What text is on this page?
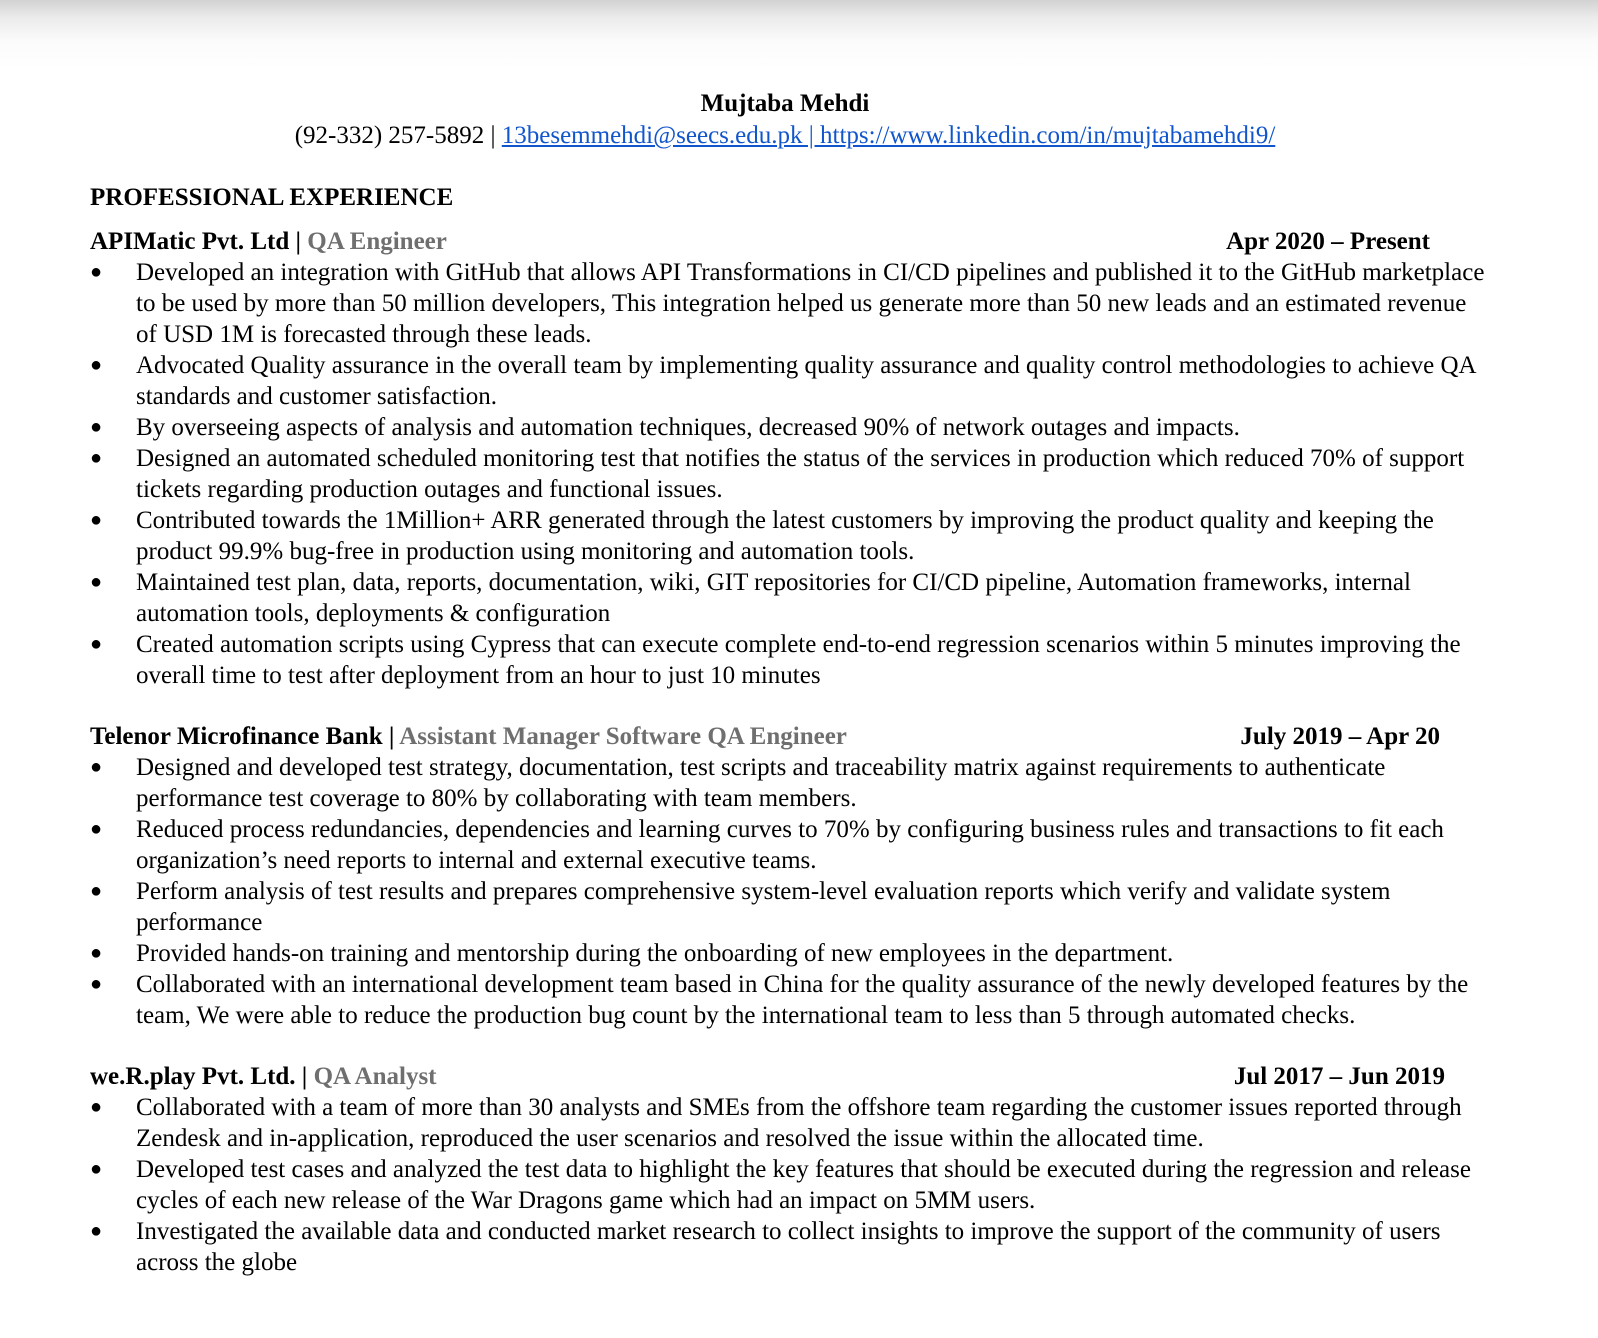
Mujtaba Mehdi
(92-332) 257-5892 | 13besemmehdi@seecs.edu.pk | https://www.linkedin.com/in/mujtabamehdi9/
PROFESSIONAL EXPERIENCE
APIMatic Pvt. Ltd | QA Engineer	Apr 2020 – Present
● Developed an integration with GitHub that allows API Transformations in CI/CD pipelines and published it to the GitHub marketplace to be used by more than 50 million developers, This integration helped us generate more than 50 new leads and an estimated revenue of USD 1M is forecasted through these leads.
● Advocated Quality assurance in the overall team by implementing quality assurance and quality control methodologies to achieve QA standards and customer satisfaction.
● By overseeing aspects of analysis and automation techniques, decreased 90% of network outages and impacts.
● Designed an automated scheduled monitoring test that notifies the status of the services in production which reduced 70% of support tickets regarding production outages and functional issues.
● Contributed towards the 1Million+ ARR generated through the latest customers by improving the product quality and keeping the product 99.9% bug-free in production using monitoring and automation tools.
● Maintained test plan, data, reports, documentation, wiki, GIT repositories for CI/CD pipeline, Automation frameworks, internal automation tools, deployments & configuration
● Created automation scripts using Cypress that can execute complete end-to-end regression scenarios within 5 minutes improving the overall time to test after deployment from an hour to just 10 minutes
Telenor Microfinance Bank | Assistant Manager Software QA Engineer	July 2019 – Apr 20
● Designed and developed test strategy, documentation, test scripts and traceability matrix against requirements to authenticate performance test coverage to 80% by collaborating with team members.
● Reduced process redundancies, dependencies and learning curves to 70% by configuring business rules and transactions to fit each organization’s need reports to internal and external executive teams.
● Perform analysis of test results and prepares comprehensive system-level evaluation reports which verify and validate system performance
● Provided hands-on training and mentorship during the onboarding of new employees in the department.
● Collaborated with an international development team based in China for the quality assurance of the newly developed features by the team, We were able to reduce the production bug count by the international team to less than 5 through automated checks.
we.R.play Pvt. Ltd. | QA Analyst	Jul 2017 – Jun 2019
● Collaborated with a team of more than 30 analysts and SMEs from the offshore team regarding the customer issues reported through Zendesk and in-application, reproduced the user scenarios and resolved the issue within the allocated time.
● Developed test cases and analyzed the test data to highlight the key features that should be executed during the regression and release cycles of each new release of the War Dragons game which had an impact on 5MM users.
● Investigated the available data and conducted market research to collect insights to improve the support of the community of users across the globe
